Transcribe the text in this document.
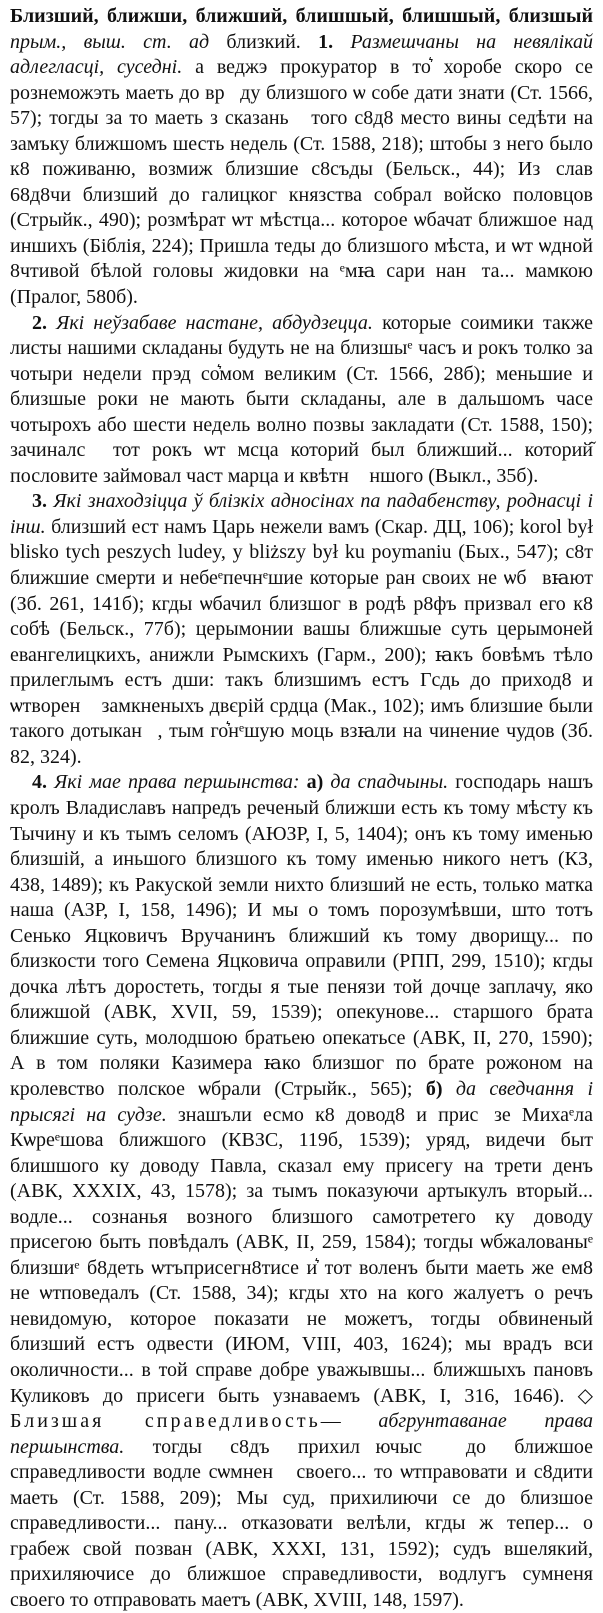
Близший, ближши, ближший, блишшый, блишшый, близшый прым., выш. ст. ад близкий. 1. Размешчаны на невялікай адлегласці, суседні. а веджэ прокуратор в то͛ хоробе скоро се рознеможэть маеть до вр꙽ду близшого ѡ собе дати знати (Ст. 1566, 57); тогды за то маеть з сказань꙽ того с8д8 место вины седѣти на замъку ближшомъ шесть недель (Ст. 1588, 218); штобы з него было к8 поживаню, возмиж близшие с8съды (Бельск., 44); Из꙽слав 68д8чи близший до галицког князства собрал войско половцов (Стрыйк., 490); розмѣрат ѡт мѣстца... которое ѡбачат ближшое над иншихъ (Біблія, 224); Пришла теды до близшого мѣста, и ѡт ѡдной 8чтивой бѣлой головы жидовки на ᵉмꙗ сари нан꙽та... мамкою (Пралог, 580б).

2. Якi неўзабаве настане, абдудзецца. которые соимики также листы нашими складаны будуть не на близшыᵉ часъ и рокъ толко за чотыри недели прэд со͛мом великим (Ст. 1566, 28б); меньшие и близшые роки не мають быти складаны, але в дальшомъ часе чотырохъ або шести недель волно позвы закладати (Ст. 1588, 150); зачиналс꙽ тот рокъ ѡт мсца которий был ближший... которий᷉ пословите займовал част марца и квѣтн꙽ ншого (Выкл., 35б).

3. Якi знаходзiцца ў блiзкiх адносiнах па падабенству, роднасцi i iнш. близший ест намъ Царь нежели вамъ (Скар. ДЦ, 106); korol był blisko tych peszych ludey, y bliższy był ku poymaniu (Бых., 547); с8т ближшие смерти и небеᵉпечнᵉшие которые ран своих не ѡб꙽вꙗют (Зб. 261, 141б); кгды ѡбачил близшог в родѣ р8фъ призвал его к8 собѣ (Бельск., 77б); церымонии вашы ближшые суть церымоней евангелицкихъ, анижли Рымскихъ (Гарм., 200); ꙗкъ бовѣмъ тѣло прилеглымъ естъ дши: такъ близшимъ естъ Гсдь до приход8 и ѡтворен꙽ замкненыхъ двєрій срдца (Мак., 102); имъ близшие были такого дотыкан꙽, тым го͛нᵉшую моць взꙗли на чинение чудов (Зб. 82, 324).

4. Якi мае права першынства: а) да спадчыны. господарь нашъ кролъ Владиславъ напредъ реченый ближши есть къ тому мѣсту къ Тычину и къ тымъ селомъ (АЮЗР, I, 5, 1404); онъ къ тому именью близшій, а иньшого близшого къ тому именью никого нетъ (КЗ, 438, 1489); къ Ракуской земли нихто близший не есть, только матка наша (АЗР, I, 158, 1496); И мы о томъ порозумѣвши, што тотъ Сенько Яцковичъ Вручанинъ ближший къ тому дворищу... по близкости того Семена Яцковича оправили (РПП, 299, 1510); кгды дочка лѣтъ доростеть, тогды я тые пенязи той дочце заплачу, яко ближшой (АВК, XVII, 59, 1539); опекунове... старшого брата ближшие суть, молодшою братьею опекатьсе (АВК, II, 270, 1590); А в том поляки Казимера ꙗко близшог по брате рожоном на кролевство полское ѡбрали (Стрыйк., 565); б) да сведчання і прысягі на судзе. знашъли есмо к8 довод8 и прис꙽зе Михаᵉла Кѡреᵉшова ближшого (КВЗС, 119б, 1539); уряд, видечи быт блишшого ку доводу Павла, сказал ему присегу на трети денъ (АВК, XXXIX, 43, 1578); за тымъ показуючи артыкулъ вторый... водле... сознанья возного близшого самотретего ку доводу присегою быть повѣдалъ (АВК, II, 259, 1584); тогды ѡбжалованыᵉ близшиᵉ б8деть ѡтъприсегн8тисе и͛ тот воленъ быти маеть же ем8 не ѡтповедалъ (Ст. 1588, 34); кгды хто на кого жалуетъ о речъ невидомую, которое показати не можетъ, тогды обвиненый близший естъ одвести (ИЮМ, VIII, 403, 1624); мы врадъ вси околичности... в той справе добре уважывшы... ближшыхъ пановъ Куликовъ до присеги быть узнаваемъ (АВК, I, 316, 1646). ◇ Близшая справедливость— абгрунтаванае права першынства. тогды с8дъ прихил꙽ючыс꙽ до ближшое справедливости водле сѡмнен꙽ своего... то ѡтправовати и с8дити маеть (Ст. 1588, 209); Мы суд, прихилиючи се до близшое справедливости... пану... отказовати велѣли, кгды ж тепер... о грабеж свой позван (АВК, XXXI, 131, 1592); судъ вшелякий, прихиляючисе до ближшое справедливости, водлугъ сумненя своего то отправовать маетъ (АВК, XVIII, 148, 1597).
